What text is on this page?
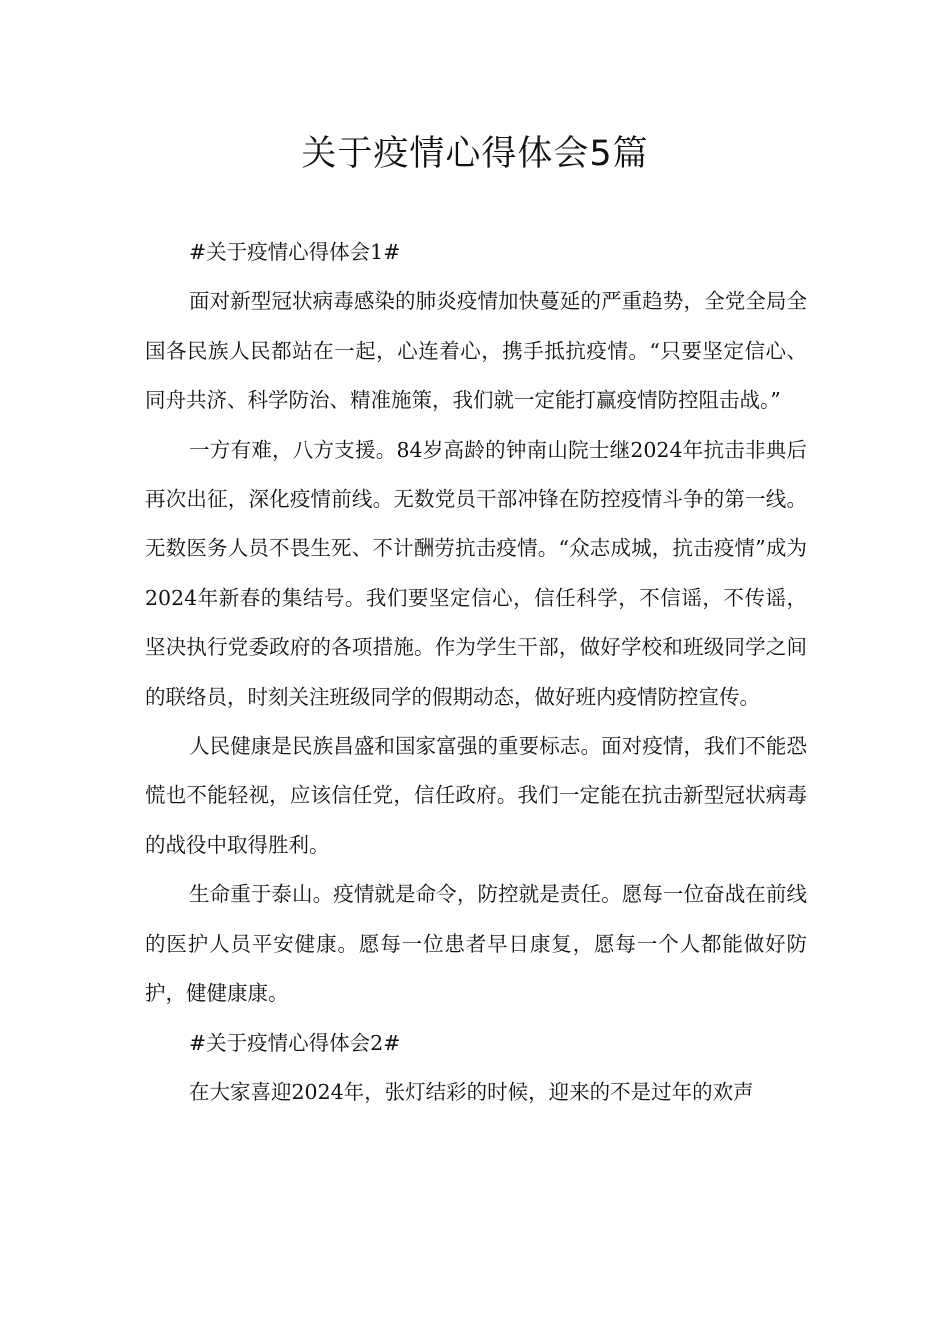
关于疫情心得体会5篇

#关于疫情心得体会1#

面对新型冠状病毒感染的肺炎疫情加快蔓延的严重趋势，全党全局全国各民族人民都站在一起，心连着心，携手抵抗疫情。“只要坚定信心、同舟共济、科学防治、精准施策，我们就一定能打赢疫情防控阻击战。”

一方有难，八方支援。84岁高龄的钟南山院士继2024年抗击非典后再次出征，深化疫情前线。无数党员干部冲锋在防控疫情斗争的第一线。无数医务人员不畏生死、不计酬劳抗击疫情。“众志成城，抗击疫情”成为2024年新春的集结号。我们要坚定信心，信任科学，不信谣，不传谣，坚决执行党委政府的各项措施。作为学生干部，做好学校和班级同学之间的联络员，时刻关注班级同学的假期动态，做好班内疫情防控宣传。

人民健康是民族昌盛和国家富强的重要标志。面对疫情，我们不能恐慌也不能轻视，应该信任党，信任政府。我们一定能在抗击新型冠状病毒的战役中取得胜利。

生命重于泰山。疫情就是命令，防控就是责任。愿每一位奋战在前线的医护人员平安健康。愿每一位患者早日康复，愿每一个人都能做好防护，健健康康。

#关于疫情心得体会2#

在大家喜迎2024年，张灯结彩的时候，迎来的不是过年的欢声
